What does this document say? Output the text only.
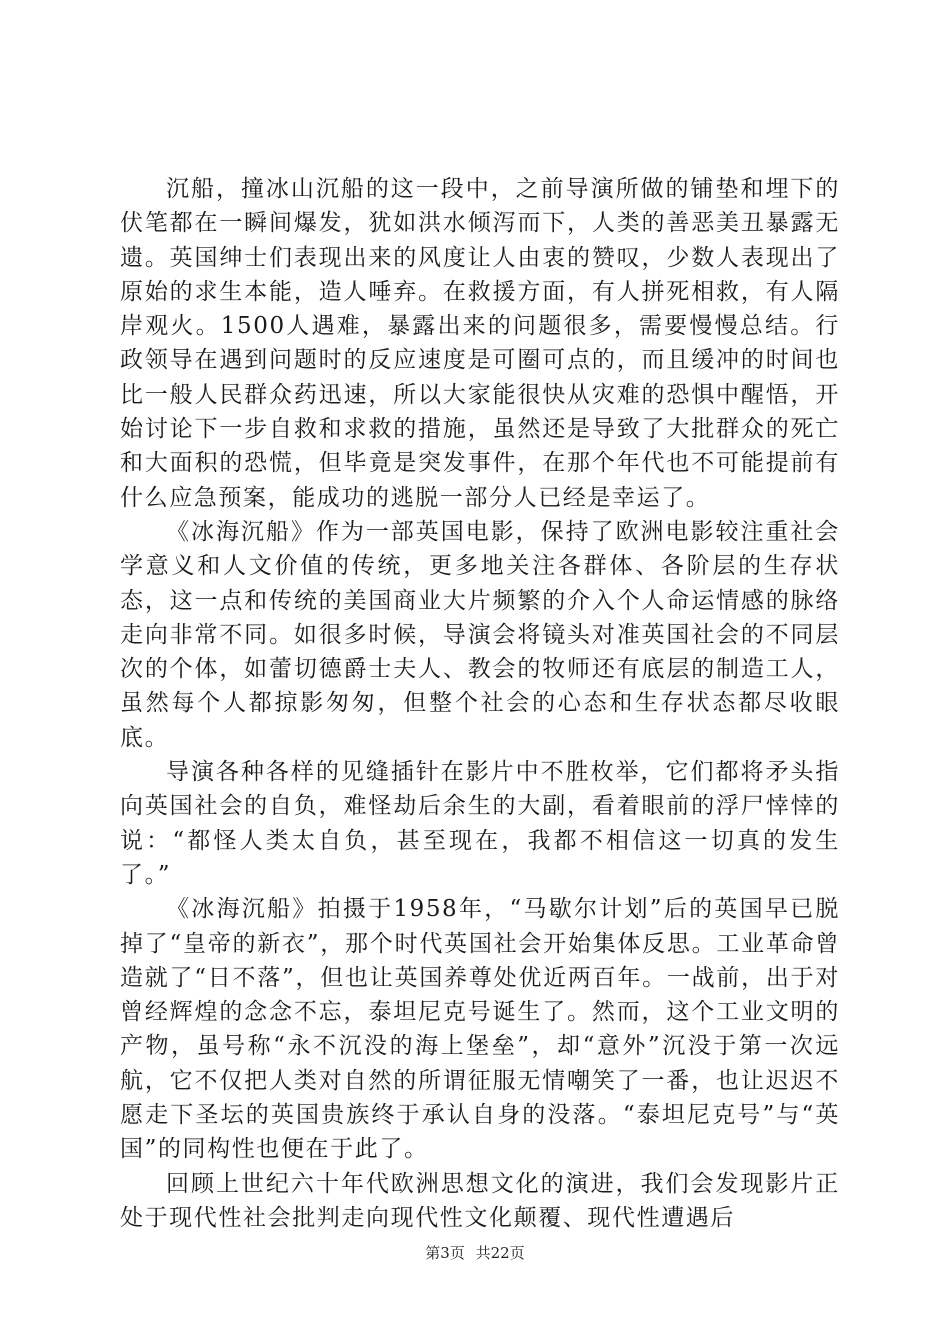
沉船，撞冰山沉船的这一段中，之前导演所做的铺垫和埋下的伏笔都在一瞬间爆发，犹如洪水倾泻而下，人类的善恶美丑暴露无遗。英国绅士们表现出来的风度让人由衷的赞叹，少数人表现出了原始的求生本能，造人唾弃。在救援方面，有人拼死相救，有人隔岸观火。1500人遇难，暴露出来的问题很多，需要慢慢总结。行政领导在遇到问题时的反应速度是可圈可点的，而且缓冲的时间也比一般人民群众药迅速，所以大家能很快从灾难的恐惧中醒悟，开始讨论下一步自救和求救的措施，虽然还是导致了大批群众的死亡和大面积的恐慌，但毕竟是突发事件，在那个年代也不可能提前有什么应急预案，能成功的逃脱一部分人已经是幸运了。

《冰海沉船》作为一部英国电影，保持了欧洲电影较注重社会学意义和人文价值的传统，更多地关注各群体、各阶层的生存状态，这一点和传统的美国商业大片频繁的介入个人命运情感的脉络走向非常不同。如很多时候，导演会将镜头对准英国社会的不同层次的个体，如蕾切德爵士夫人、教会的牧师还有底层的制造工人，虽然每个人都掠影匆匆，但整个社会的心态和生存状态都尽收眼底。

导演各种各样的见缝插针在影片中不胜枚举，它们都将矛头指向英国社会的自负，难怪劫后余生的大副，看着眼前的浮尸悻悻的说：“都怪人类太自负，甚至现在，我都不相信这一切真的发生了。”

《冰海沉船》拍摄于1958年，“马歇尔计划”后的英国早已脱掉了“皇帝的新衣”，那个时代英国社会开始集体反思。工业革命曾造就了“日不落”，但也让英国养尊处优近两百年。一战前，出于对曾经辉煌的念念不忘，泰坦尼克号诞生了。然而，这个工业文明的产物，虽号称“永不沉没的海上堡垒”，却“意外”沉没于第一次远航，它不仅把人类对自然的所谓征服无情嘲笑了一番，也让迟迟不愿走下圣坛的英国贵族终于承认自身的没落。“泰坦尼克号”与“英国”的同构性也便在于此了。

回顾上世纪六十年代欧洲思想文化的演进，我们会发现影片正处于现代性社会批判走向现代性文化颠覆、现代性遭遇后

第3页 共22页
